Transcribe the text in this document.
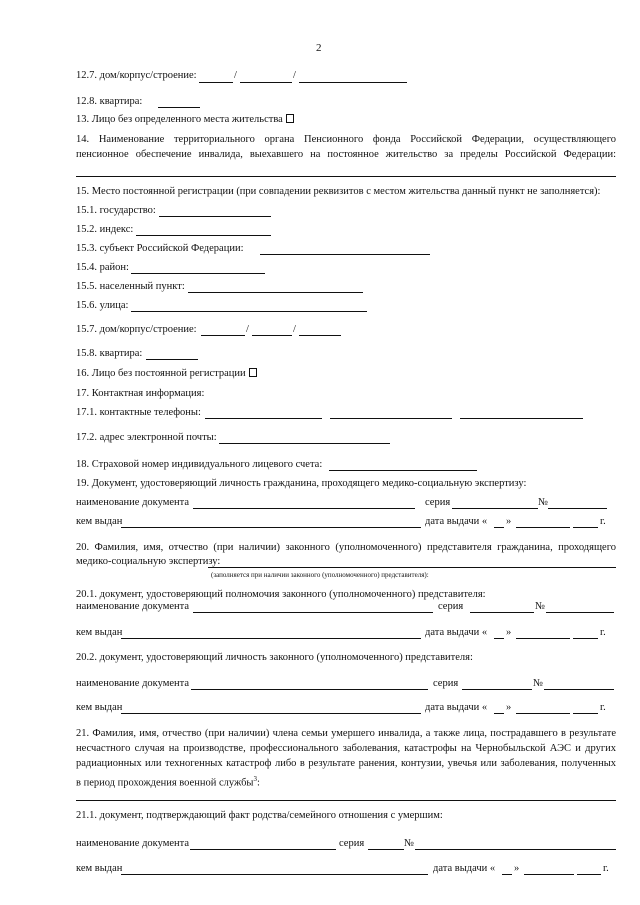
2
12.7. дом/корпус/строение:	/	/
12.8. квартира:
13. Лицо без определенного места жительства
14. Наименование территориального органа Пенсионного фонда Российской Федерации, осуществляющего
пенсионное обеспечение инвалида, выехавшего на постоянное жительство за пределы Российской Федерации:
15. Место постоянной регистрации (при совпадении реквизитов с местом жительства данный пункт не заполняется):
15.1. государство:
15.2. индекс:
15.3. субъект Российской Федерации:
15.4. район:
15.5. населенный пункт:
15.6. улица:
15.7. дом/корпус/строение:	/	/
15.8. квартира:
16. Лицо без постоянной регистрации
17. Контактная информация:
17.1. контактные телефоны:
17.2. адрес электронной почты:
18. Страховой номер индивидуального лицевого счета:
19. Документ, удостоверяющий личность гражданина, проходящего медико-социальную экспертизу:
наименование документа	серия	№
кем выдан	дата выдачи « »	г.
20. Фамилия, имя, отчество (при наличии) законного (уполномоченного) представителя гражданина, проходящего
медико-социальную экспертизу:
(заполняется при наличии законного (уполномоченного) представителя):
20.1. документ, удостоверяющий полномочия законного (уполномоченного) представителя:
наименование документа	серия	№
кем выдан	дата выдачи « »	г.
20.2. документ, удостоверяющий личность законного (уполномоченного) представителя:
наименование документа	серия	№
кем выдан	дата выдачи « »	г.
21. Фамилия, имя, отчество (при наличии) члена семьи умершего инвалида, а также лица, пострадавшего в результате
несчастного случая на производстве, профессионального заболевания, катастрофы на Чернобыльской АЭС и других
радиационных или техногенных катастроф либо в результате ранения, контузии, увечья или заболевания, полученных
в период прохождения военной службы$^3$:
21.1. документ, подтверждающий факт родства/семейного отношения с умершим:
наименование документа	серия	№
кем выдан	дата выдачи « »	г.
